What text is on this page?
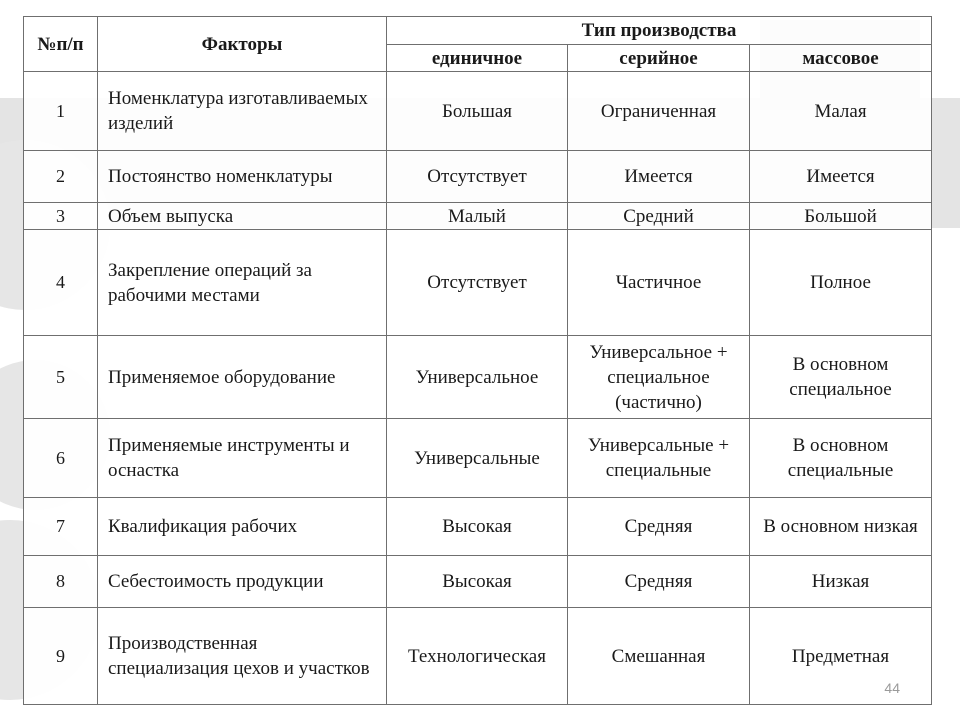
№п/п	Факторы	Тип производства		
		единичное	серийное	массовое
1	Номенклатура изготавливаемых изделий	Большая	Ограниченная	Малая
2	Постоянство номенклатуры	Отсутствует	Имеется	Имеется
3	Объем выпуска	Малый	Средний	Большой
4	Закрепление операций за рабочими местами	Отсутствует	Частичное	Полное
5	Применяемое оборудование	Универсальное	Универсальное + специальное (частично)	В основном специальное
6	Применяемые инструменты и оснастка	Универсальные	Универсальные + специальные	В основном специальные
7	Квалификация рабочих	Высокая	Средняя	В основном низкая
8	Себестоимость продукции	Высокая	Средняя	Низкая
9	Производственная специализация цехов и участков	Технологическая	Смешанная	Предметная
44
